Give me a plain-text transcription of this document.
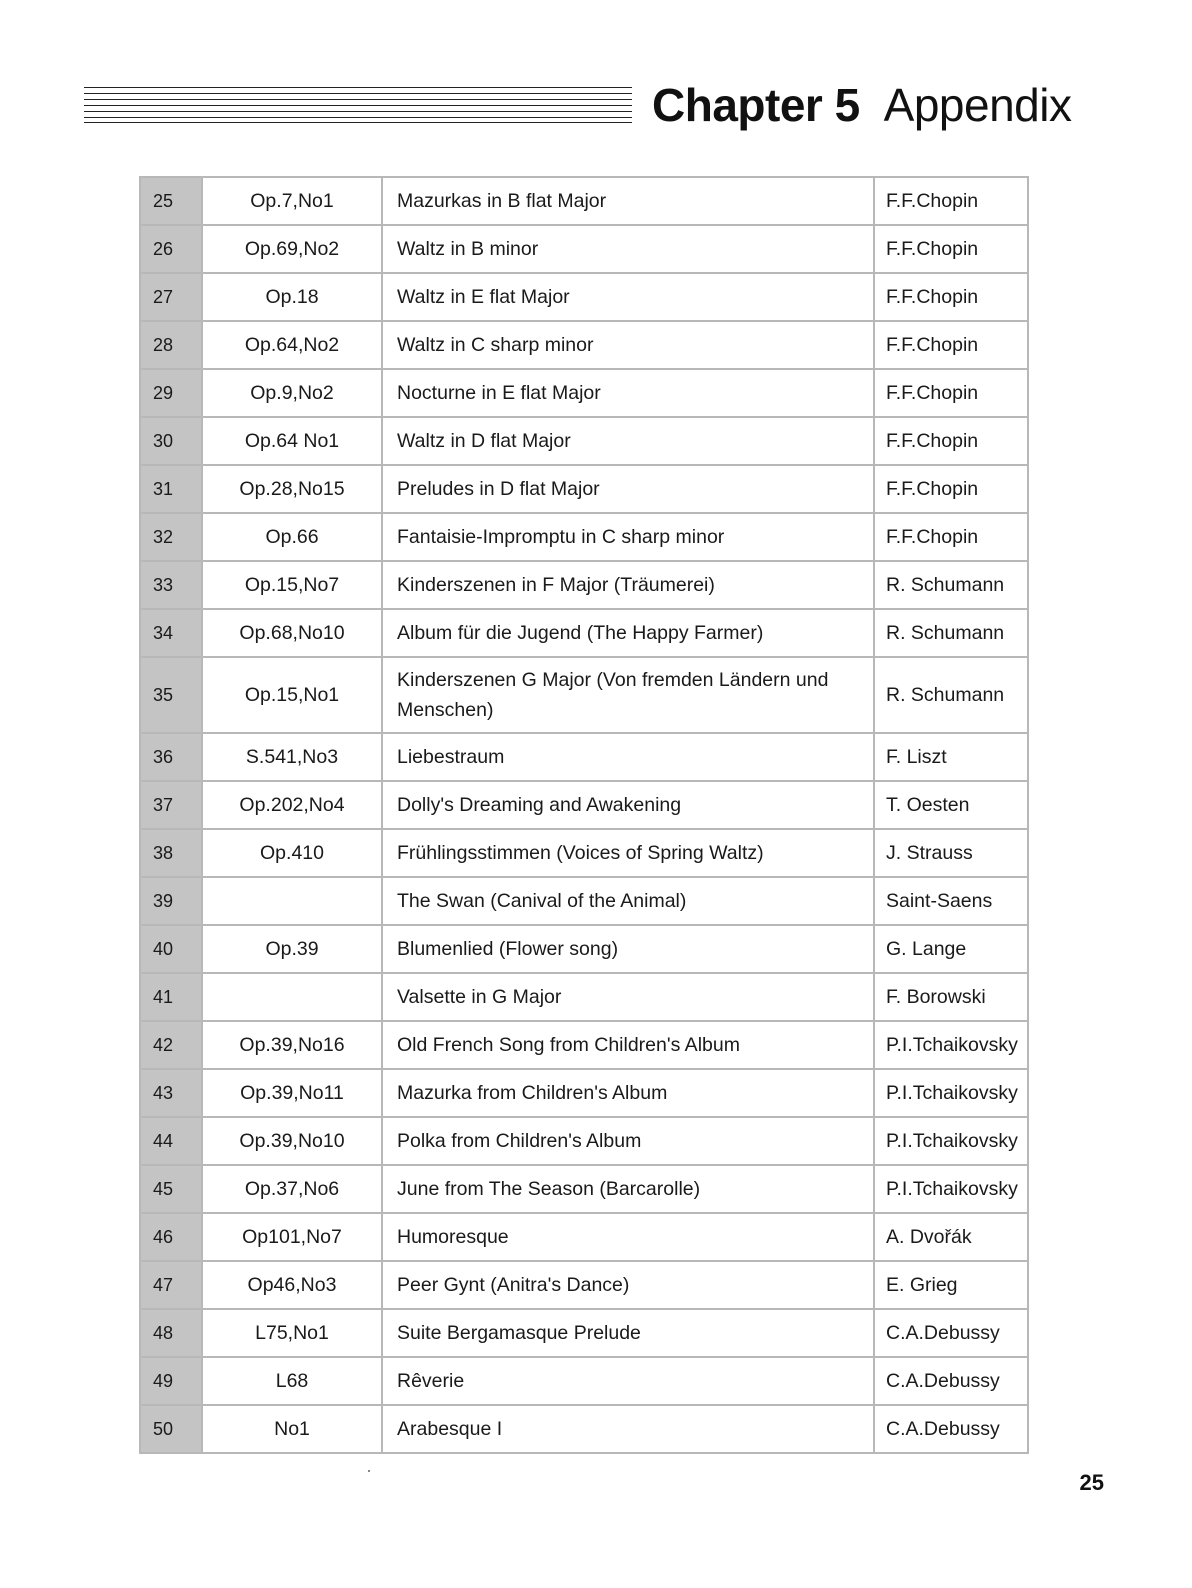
Chapter 5 Appendix
25	Op.7,No1	Mazurkas in B flat Major	F.F.Chopin
26	Op.69,No2	Waltz in B minor	F.F.Chopin
27	Op.18	Waltz in E flat Major	F.F.Chopin
28	Op.64,No2	Waltz in C sharp minor	F.F.Chopin
29	Op.9,No2	Nocturne in E flat Major	F.F.Chopin
30	Op.64 No1	Waltz in D flat Major	F.F.Chopin
31	Op.28,No15	Preludes in D flat Major	F.F.Chopin
32	Op.66	Fantaisie-Impromptu in C sharp minor	F.F.Chopin
33	Op.15,No7	Kinderszenen in F Major (Träumerei)	R. Schumann
34	Op.68,No10	Album für die Jugend (The Happy Farmer)	R. Schumann
35	Op.15,No1	Kinderszenen G Major (Von fremden Ländern und Menschen)	R. Schumann
36	S.541,No3	Liebestraum	F. Liszt
37	Op.202,No4	Dolly's Dreaming and Awakening	T. Oesten
38	Op.410	Frühlingsstimmen (Voices of Spring Waltz)	J. Strauss
39		The Swan (Canival of the Animal)	Saint-Saens
40	Op.39	Blumenlied (Flower song)	G. Lange
41		Valsette in G Major	F. Borowski
42	Op.39,No16	Old French Song from Children's Album	P.I.Tchaikovsky
43	Op.39,No11	Mazurka from Children's Album	P.I.Tchaikovsky
44	Op.39,No10	Polka from Children's Album	P.I.Tchaikovsky
45	Op.37,No6	June from The Season (Barcarolle)	P.I.Tchaikovsky
46	Op101,No7	Humoresque	A. Dvořák
47	Op46,No3	Peer Gynt (Anitra's Dance)	E. Grieg
48	L75,No1	Suite Bergamasque Prelude	C.A.Debussy
49	L68	Rêverie	C.A.Debussy
50	No1	Arabesque I	C.A.Debussy
25
